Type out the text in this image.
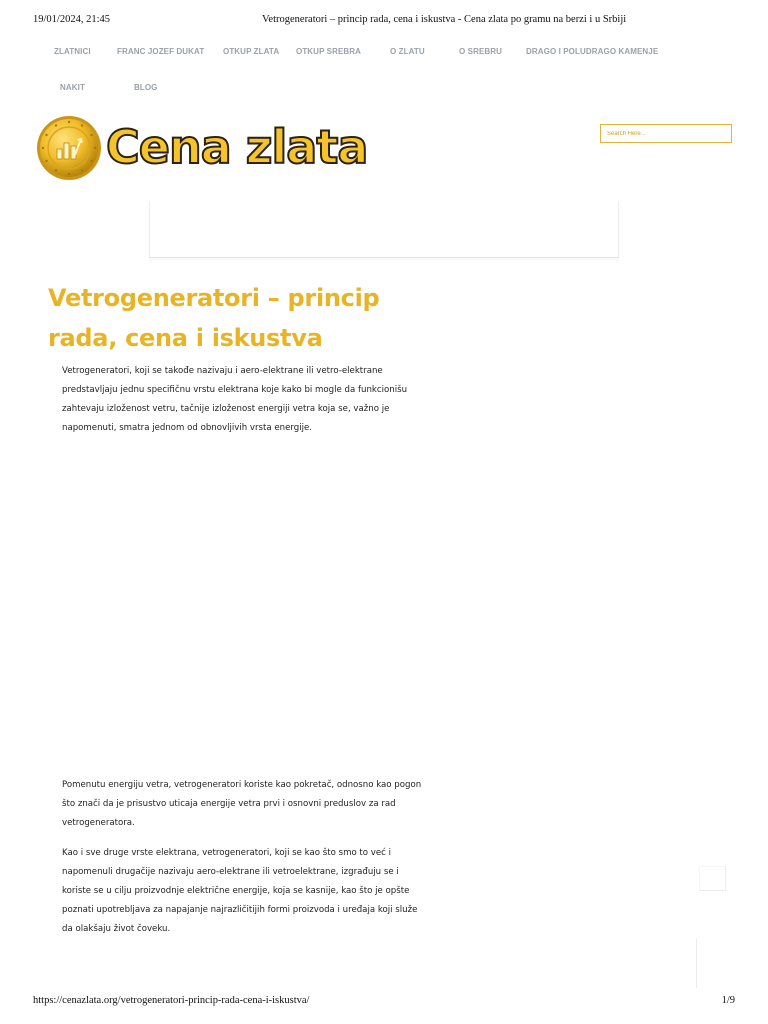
19/01/2024, 21:45	Vetrogeneratori – princip rada, cena i iskustva - Cena zlata po gramu na berzi i u Srbiji
ZLATNICI	FRANC JOZEF DUKAT OTKUP ZLATA OTKUP SREBRA	O ZLATU	O SREBRU	DRAGO I POLUDRAGO KAMENJE
NAKIT	BLOG
Cena zlata
Search Here...
Vetrogeneratori – princip rada, cena i iskustva

Vetrogeneratori, koji se takođe nazivaju i aero-elektrane ili vetro-elektrane predstavljaju jednu specifičnu vrstu elektrana koje kako bi mogle da funkcionišu zahtevaju izloženost vetru, tačnije izloženost energiji vetra koja se, važno je napomenuti, smatra jednom od obnovljivih vrsta energije.

Pomenutu energiju vetra, vetrogeneratori koriste kao pokretač, odnosno kao pogon što znači da je prisustvo uticaja energije vetra prvi i osnovni preduslov za rad vetrogeneratora.

Kao i sve druge vrste elektrana, vetrogeneratori, koji se kao što smo to već i napomenuli drugačije nazivaju aero-elektrane ili vetroelektrane, izgrađuju se i koriste se u cilju proizvodnje električne energije, koja se kasnije, kao što je opšte poznati upotrebljava za napajanje najrazličitijih formi proizvoda i uređaja koji služe da olakšaju život čoveku.

https://cenazlata.org/vetrogeneratori-princip-rada-cena-i-iskustva/	1/9
